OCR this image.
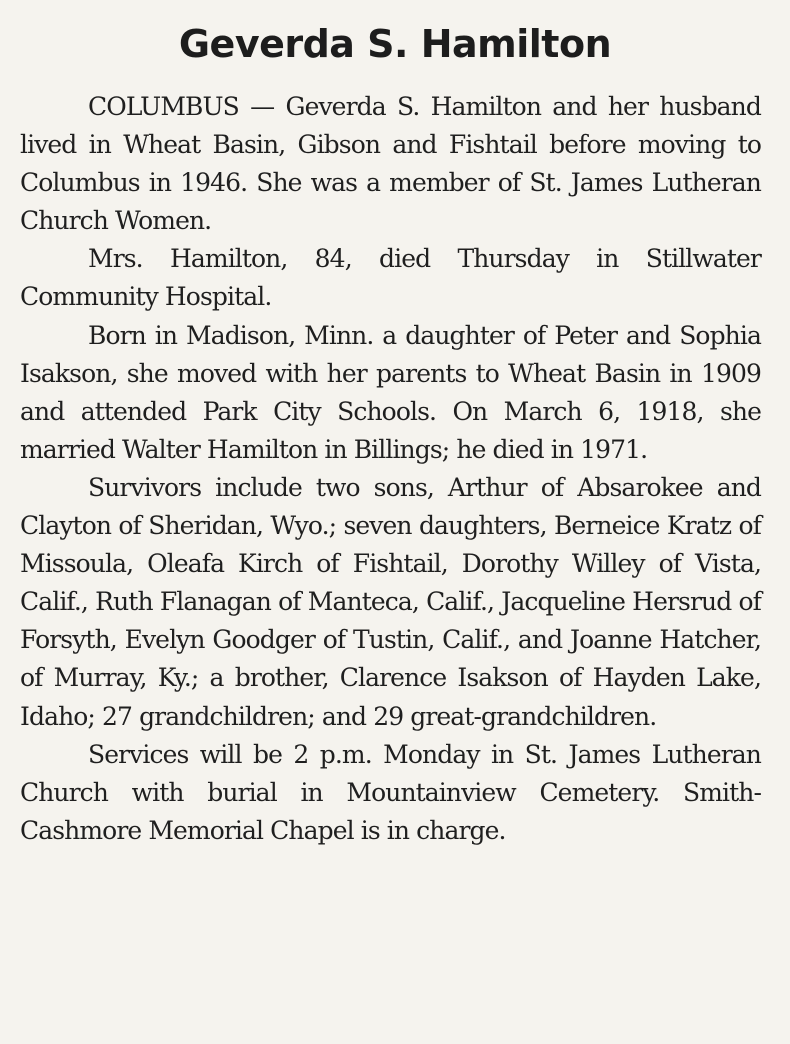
Geverda S. Hamilton

COLUMBUS — Geverda S. Hamilton and her husband lived in Wheat Basin, Gibson and Fishtail before moving to Columbus in 1946. She was a member of St. James Lutheran Church Women.

Mrs. Hamilton, 84, died Thursday in Stillwater Community Hospital.

Born in Madison, Minn. a daughter of Peter and Sophia Isakson, she moved with her parents to Wheat Basin in 1909 and attended Park City Schools. On March 6, 1918, she married Walter Hamilton in Billings; he died in 1971.

Survivors include two sons, Arthur of Absarokee and Clayton of Sheridan, Wyo.; seven daughters, Berneice Kratz of Missoula, Oleafa Kirch of Fishtail, Dorothy Willey of Vista, Calif., Ruth Flanagan of Manteca, Calif., Jacqueline Hersrud of Forsyth, Evelyn Goodger of Tustin, Calif., and Joanne Hatcher, of Murray, Ky.; a brother, Clarence Isakson of Hayden Lake, Idaho; 27 grandchildren; and 29 great-grandchildren.

Services will be 2 p.m. Monday in St. James Lutheran Church with burial in Mountainview Cemetery. Smith-Cashmore Memorial Chapel is in charge.
